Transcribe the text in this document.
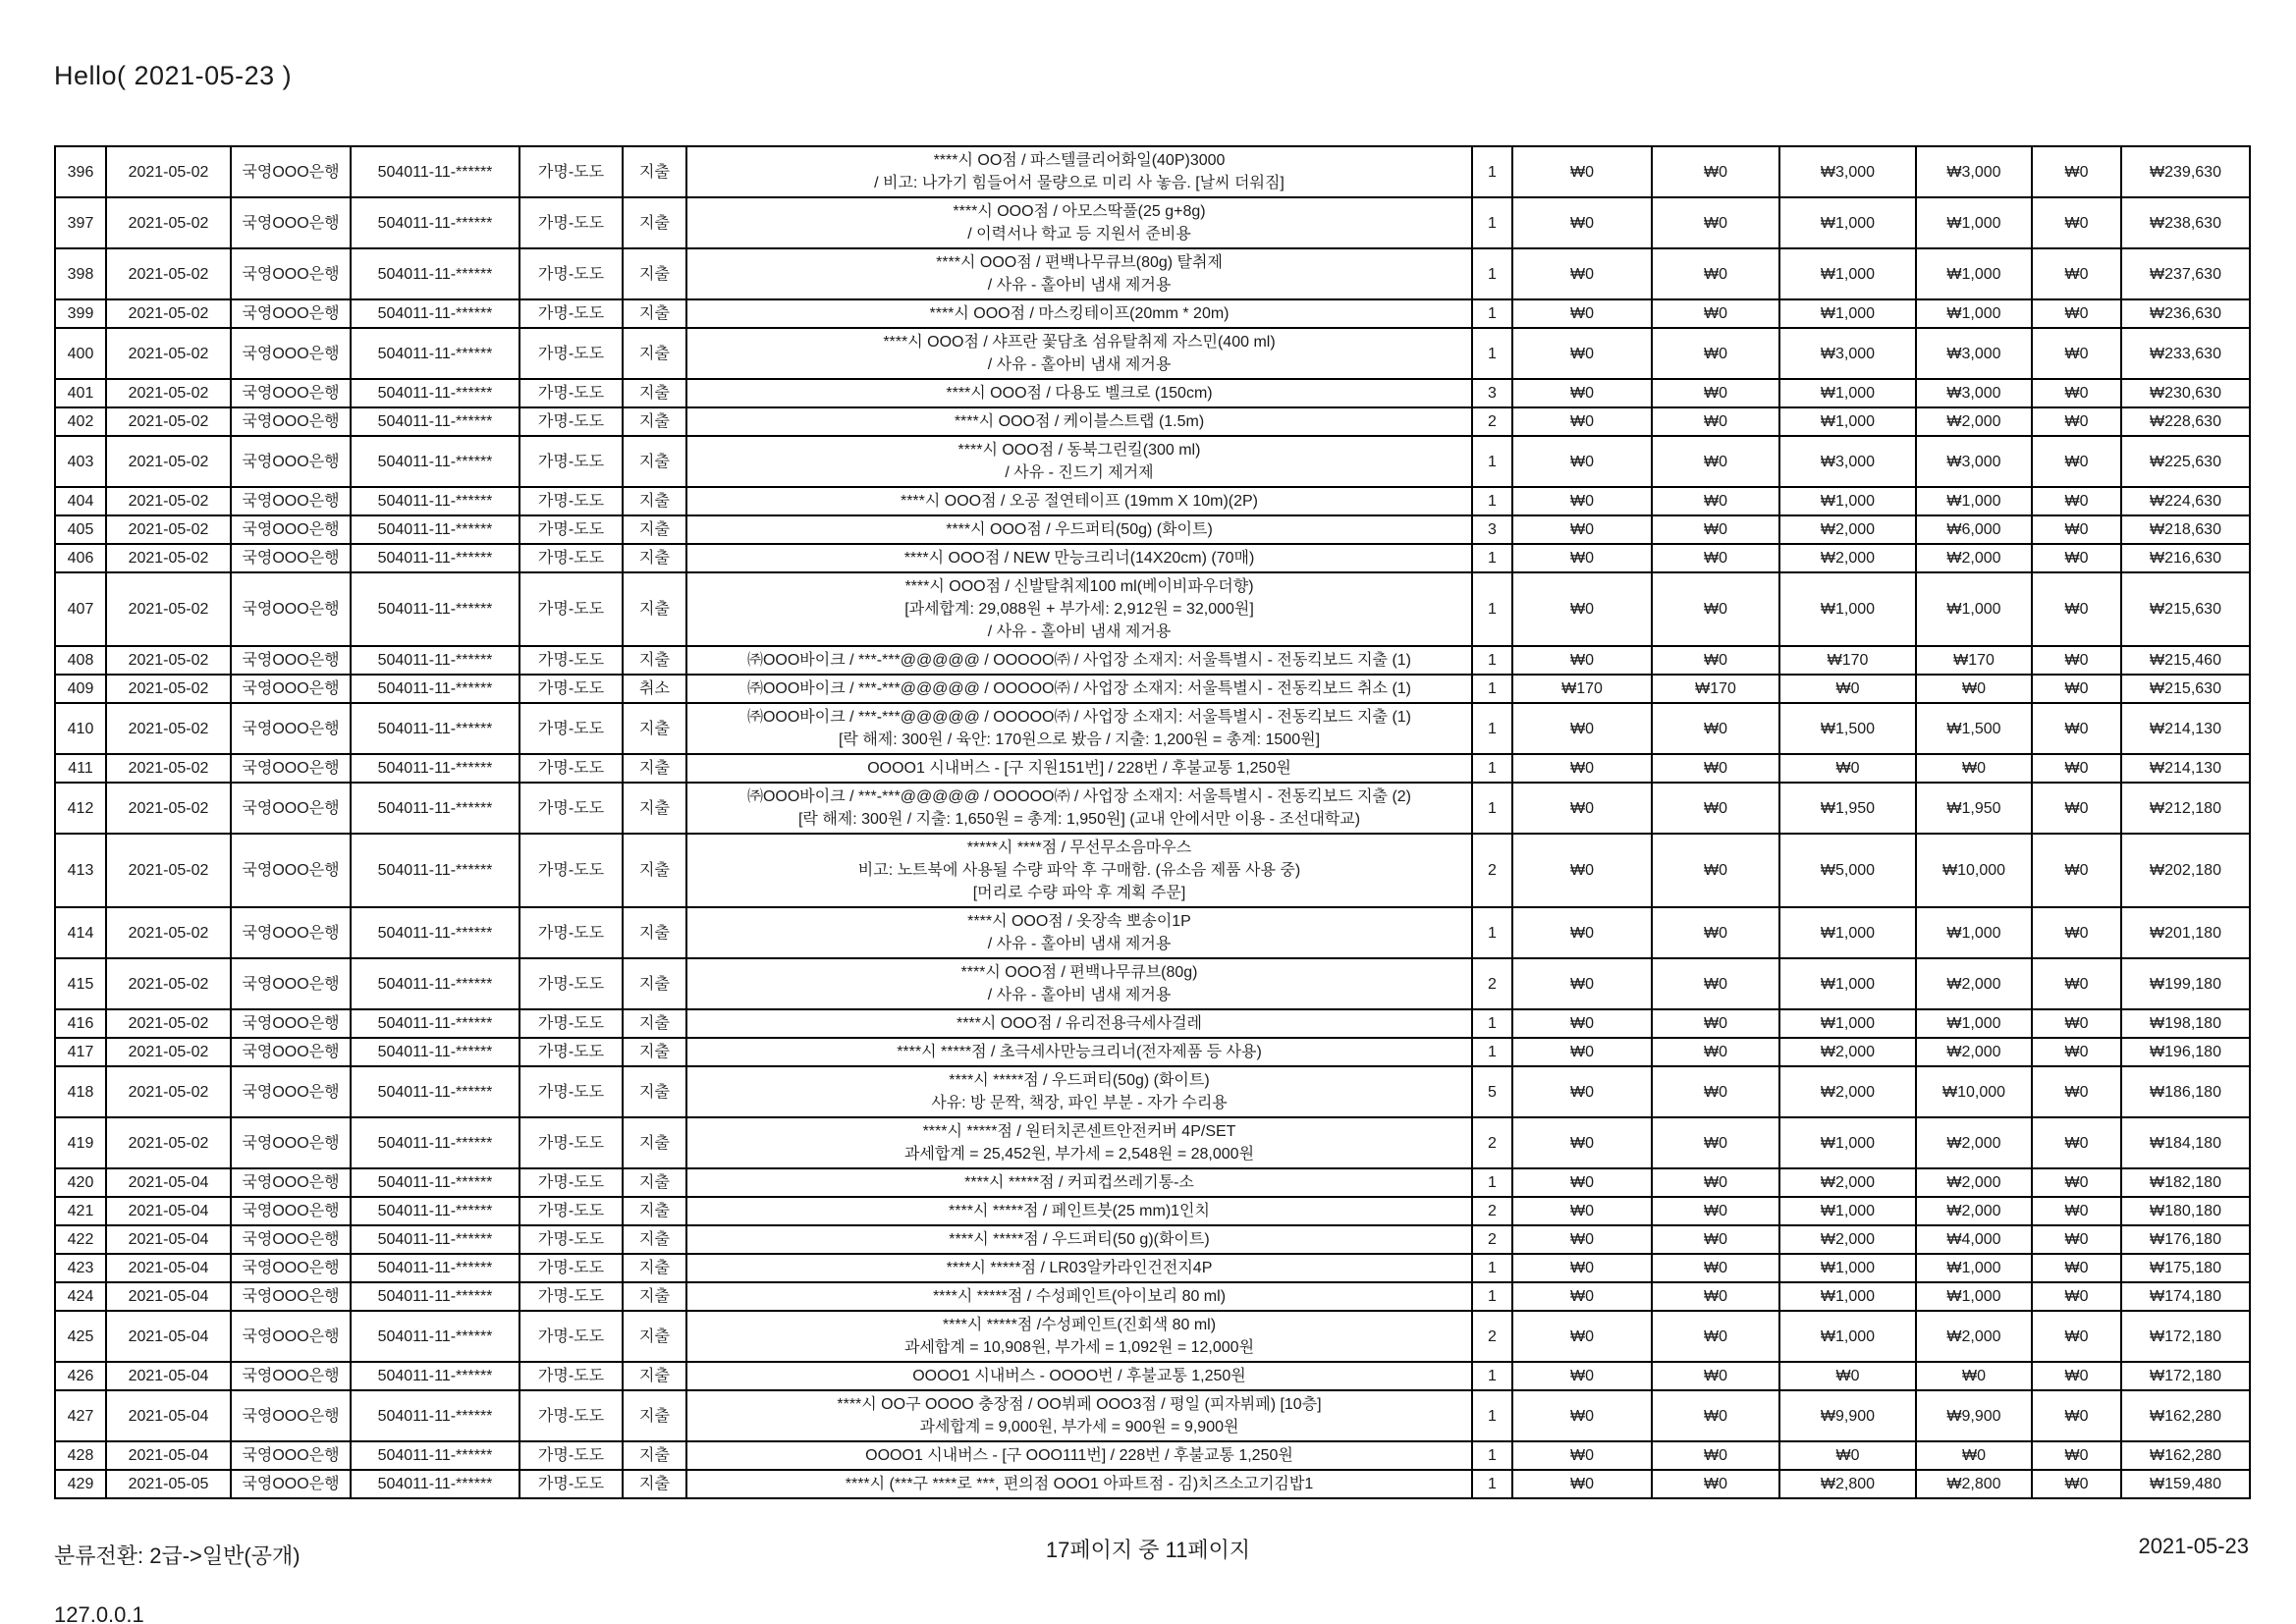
Hello( 2021-05-23 )
396	2021-05-02	국영OOO은행	504011-11-******	가명-도도	지출	****시 OO점 / 파스텔클리어화일(40P)3000
/ 비고: 나가기 힘들어서 물량으로 미리 사 놓음. [날씨 더워짐]	1	₩0	₩0	₩3,000	₩3,000	₩0	₩239,630
397	2021-05-02	국영OOO은행	504011-11-******	가명-도도	지출	****시 OOO점 / 아모스딱풀(25 g+8g)
/ 이력서나 학교 등 지원서 준비용	1	₩0	₩0	₩1,000	₩1,000	₩0	₩238,630
398	2021-05-02	국영OOO은행	504011-11-******	가명-도도	지출	****시 OOO점 / 편백나무큐브(80g) 탈취제
/ 사유 - 홀아비 냄새 제거용	1	₩0	₩0	₩1,000	₩1,000	₩0	₩237,630
399	2021-05-02	국영OOO은행	504011-11-******	가명-도도	지출	****시 OOO점 / 마스킹테이프(20mm * 20m)	1	₩0	₩0	₩1,000	₩1,000	₩0	₩236,630
400	2021-05-02	국영OOO은행	504011-11-******	가명-도도	지출	****시 OOO점 / 샤프란 꽃담초 섬유탈취제 자스민(400 ml)
/ 사유 - 홀아비 냄새 제거용	1	₩0	₩0	₩3,000	₩3,000	₩0	₩233,630
401	2021-05-02	국영OOO은행	504011-11-******	가명-도도	지출	****시 OOO점 / 다용도 벨크로 (150cm)	3	₩0	₩0	₩1,000	₩3,000	₩0	₩230,630
402	2021-05-02	국영OOO은행	504011-11-******	가명-도도	지출	****시 OOO점 / 케이블스트랩 (1.5m)	2	₩0	₩0	₩1,000	₩2,000	₩0	₩228,630
403	2021-05-02	국영OOO은행	504011-11-******	가명-도도	지출	****시 OOO점 / 동북그린킬(300 ml)
/ 사유 - 진드기 제거제	1	₩0	₩0	₩3,000	₩3,000	₩0	₩225,630
404	2021-05-02	국영OOO은행	504011-11-******	가명-도도	지출	****시 OOO점 / 오공 절연테이프 (19mm X 10m)(2P)	1	₩0	₩0	₩1,000	₩1,000	₩0	₩224,630
405	2021-05-02	국영OOO은행	504011-11-******	가명-도도	지출	****시 OOO점 / 우드퍼티(50g) (화이트)	3	₩0	₩0	₩2,000	₩6,000	₩0	₩218,630
406	2021-05-02	국영OOO은행	504011-11-******	가명-도도	지출	****시 OOO점 / NEW 만능크리너(14X20cm) (70매)	1	₩0	₩0	₩2,000	₩2,000	₩0	₩216,630
407	2021-05-02	국영OOO은행	504011-11-******	가명-도도	지출	****시 OOO점 / 신발탈취제100 ml(베이비파우더향)
[과세합계: 29,088원 + 부가세: 2,912원 = 32,000원]
/ 사유 - 홀아비 냄새 제거용	1	₩0	₩0	₩1,000	₩1,000	₩0	₩215,630
408	2021-05-02	국영OOO은행	504011-11-******	가명-도도	지출	㈜OOO바이크 / ***-***@@@@@ / OOOOO㈜ / 사업장 소재지: 서울특별시 - 전동킥보드 지출 (1)	1	₩0	₩0	₩170	₩170	₩0	₩215,460
409	2021-05-02	국영OOO은행	504011-11-******	가명-도도	취소	㈜OOO바이크 / ***-***@@@@@ / OOOOO㈜ / 사업장 소재지: 서울특별시 - 전동킥보드 취소 (1)	1	₩170	₩170	₩0	₩0	₩0	₩215,630
410	2021-05-02	국영OOO은행	504011-11-******	가명-도도	지출	㈜OOO바이크 / ***-***@@@@@ / OOOOO㈜ / 사업장 소재지: 서울특별시 - 전동킥보드 지출 (1)
[락 해제: 300원 / 육안: 170원으로 봤음 / 지출: 1,200원 = 총계: 1500원]	1	₩0	₩0	₩1,500	₩1,500	₩0	₩214,130
411	2021-05-02	국영OOO은행	504011-11-******	가명-도도	지출	OOOO1 시내버스 - [구 지원151번] / 228번 / 후불교통 1,250원	1	₩0	₩0	₩0	₩0	₩0	₩214,130
412	2021-05-02	국영OOO은행	504011-11-******	가명-도도	지출	㈜OOO바이크 / ***-***@@@@@ / OOOOO㈜ / 사업장 소재지: 서울특별시 - 전동킥보드 지출 (2)
[락 해제: 300원 / 지출: 1,650원 = 총계: 1,950원] (교내 안에서만 이용 - 조선대학교)	1	₩0	₩0	₩1,950	₩1,950	₩0	₩212,180
413	2021-05-02	국영OOO은행	504011-11-******	가명-도도	지출	*****시 ****점 / 무선무소음마우스
비고: 노트북에 사용될 수량 파악 후 구매함. (유소음 제품 사용 중)
[머리로 수량 파악 후 계획 주문]	2	₩0	₩0	₩5,000	₩10,000	₩0	₩202,180
414	2021-05-02	국영OOO은행	504011-11-******	가명-도도	지출	****시 OOO점 / 옷장속 뽀송이1P
/ 사유 - 홀아비 냄새 제거용	1	₩0	₩0	₩1,000	₩1,000	₩0	₩201,180
415	2021-05-02	국영OOO은행	504011-11-******	가명-도도	지출	****시 OOO점 / 편백나무큐브(80g)
/ 사유 - 홀아비 냄새 제거용	2	₩0	₩0	₩1,000	₩2,000	₩0	₩199,180
416	2021-05-02	국영OOO은행	504011-11-******	가명-도도	지출	****시 OOO점 / 유리전용극세사걸레	1	₩0	₩0	₩1,000	₩1,000	₩0	₩198,180
417	2021-05-02	국영OOO은행	504011-11-******	가명-도도	지출	****시 *****점 / 초극세사만능크리너(전자제품 등 사용)	1	₩0	₩0	₩2,000	₩2,000	₩0	₩196,180
418	2021-05-02	국영OOO은행	504011-11-******	가명-도도	지출	****시 *****점 / 우드퍼티(50g) (화이트)
사유: 방 문짝, 책장, 파인 부분 - 자가 수리용	5	₩0	₩0	₩2,000	₩10,000	₩0	₩186,180
419	2021-05-02	국영OOO은행	504011-11-******	가명-도도	지출	****시 *****점 / 원터치콘센트안전커버 4P/SET
과세합계 = 25,452원, 부가세 = 2,548원 = 28,000원	2	₩0	₩0	₩1,000	₩2,000	₩0	₩184,180
420	2021-05-04	국영OOO은행	504011-11-******	가명-도도	지출	****시 *****점 / 커피컵쓰레기통-소	1	₩0	₩0	₩2,000	₩2,000	₩0	₩182,180
421	2021-05-04	국영OOO은행	504011-11-******	가명-도도	지출	****시 *****점 / 페인트붓(25 mm)1인치	2	₩0	₩0	₩1,000	₩2,000	₩0	₩180,180
422	2021-05-04	국영OOO은행	504011-11-******	가명-도도	지출	****시 *****점 / 우드퍼티(50 g)(화이트)	2	₩0	₩0	₩2,000	₩4,000	₩0	₩176,180
423	2021-05-04	국영OOO은행	504011-11-******	가명-도도	지출	****시 *****점 / LR03알카라인건전지4P	1	₩0	₩0	₩1,000	₩1,000	₩0	₩175,180
424	2021-05-04	국영OOO은행	504011-11-******	가명-도도	지출	****시 *****점 / 수성페인트(아이보리 80 ml)	1	₩0	₩0	₩1,000	₩1,000	₩0	₩174,180
425	2021-05-04	국영OOO은행	504011-11-******	가명-도도	지출	****시 *****점 /수성페인트(진회색 80 ml)
과세합계 = 10,908원, 부가세 = 1,092원 = 12,000원	2	₩0	₩0	₩1,000	₩2,000	₩0	₩172,180
426	2021-05-04	국영OOO은행	504011-11-******	가명-도도	지출	OOOO1 시내버스 - OOOO번 / 후불교통 1,250원	1	₩0	₩0	₩0	₩0	₩0	₩172,180
427	2021-05-04	국영OOO은행	504011-11-******	가명-도도	지출	****시 OO구 OOOO 충장점 / OO뷔페 OOO3점 / 평일 (피자뷔페) [10층]
과세합계 = 9,000원, 부가세 = 900원 = 9,900원	1	₩0	₩0	₩9,900	₩9,900	₩0	₩162,280
428	2021-05-04	국영OOO은행	504011-11-******	가명-도도	지출	OOOO1 시내버스 - [구 OOO111번] / 228번 / 후불교통 1,250원	1	₩0	₩0	₩0	₩0	₩0	₩162,280
429	2021-05-05	국영OOO은행	504011-11-******	가명-도도	지출	****시 (***구 ****로 ***, 편의점 OOO1 아파트점 - 김)치즈소고기김밥1	1	₩0	₩0	₩2,800	₩2,800	₩0	₩159,480

분류전환: 2급->일반(공개)

127.0.0.1

17페이지 중 11페이지	2021-05-23
